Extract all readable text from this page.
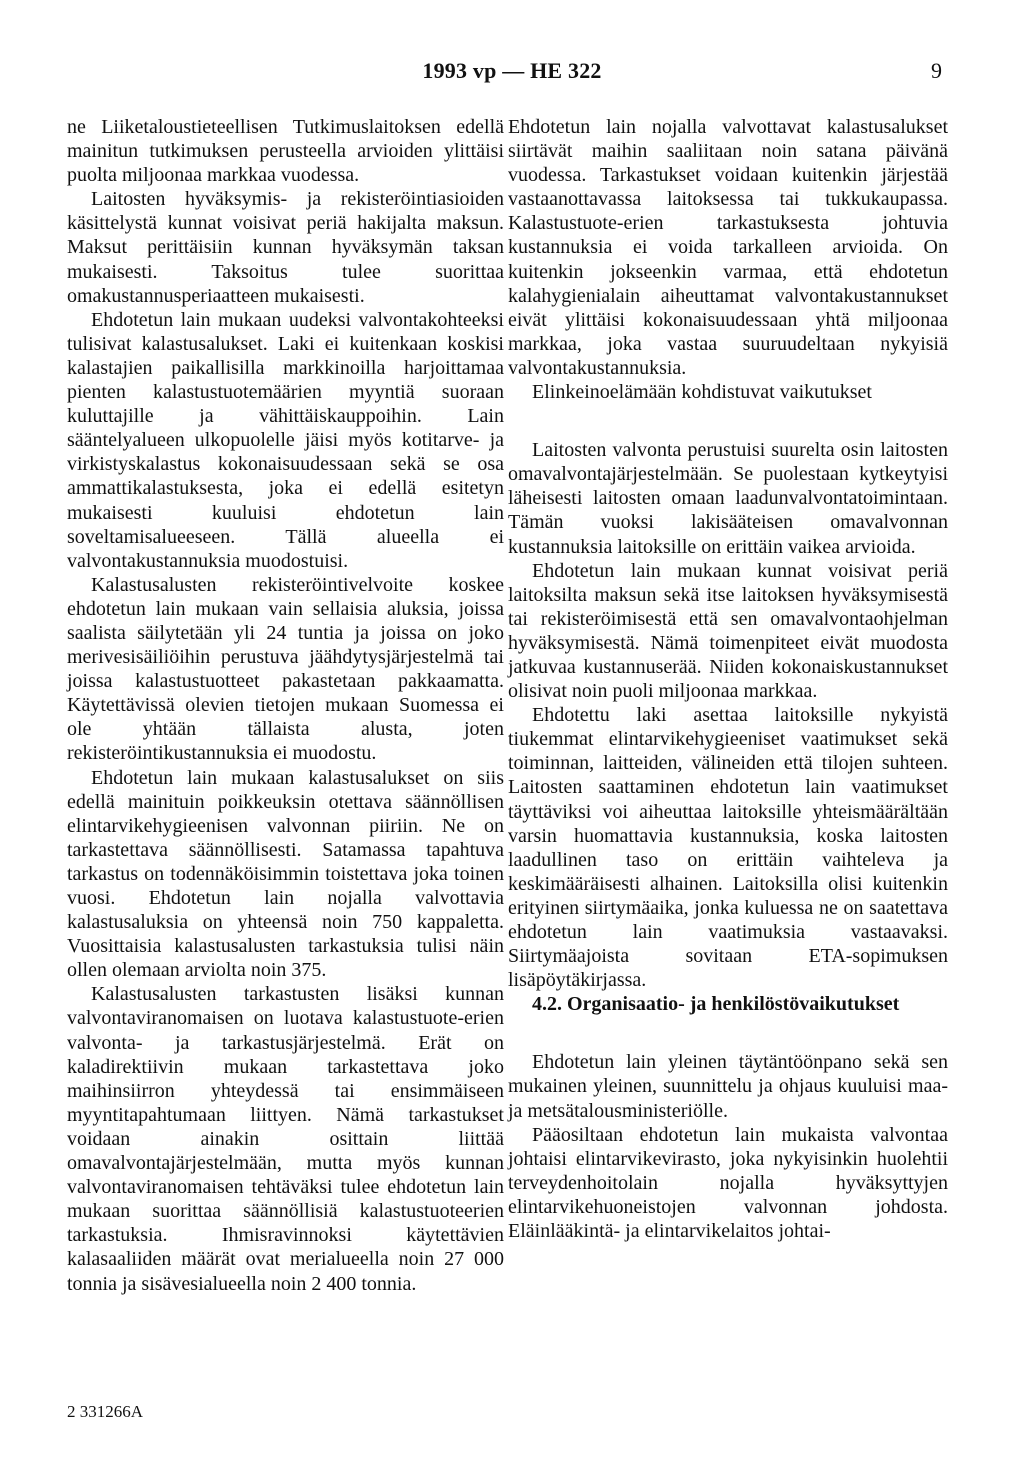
1993 vp — HE 322	9

ne Liiketaloustieteellisen Tutkimuslaitoksen edellä mainitun tutkimuksen perusteella arvioiden ylittäisi puolta miljoonaa markkaa vuodessa.

Laitosten hyväksymis- ja rekisteröintiasioiden käsittelystä kunnat voisivat periä hakijalta maksun. Maksut perittäisiin kunnan hyväksymän taksan mukaisesti. Taksoitus tulee suorittaa omakustannusperiaatteen mukaisesti.

Ehdotetun lain mukaan uudeksi valvontakohteeksi tulisivat kalastusalukset. Laki ei kuitenkaan koskisi kalastajien paikallisilla markkinoilla harjoittamaa pienten kalastustuotemäärien myyntiä suoraan kuluttajille ja vähittäiskauppoihin. Lain sääntelyalueen ulkopuolelle jäisi myös kotitarve- ja virkistyskalastus kokonaisuudessaan sekä se osa ammattikalastuksesta, joka ei edellä esitetyn mukaisesti kuuluisi ehdotetun lain soveltamisalueeseen. Tällä alueella ei valvontakustannuksia muodostuisi.

Kalastusalusten rekisteröintivelvoite koskee ehdotetun lain mukaan vain sellaisia aluksia, joissa saalista säilytetään yli 24 tuntia ja joissa on joko merivesisäiliöihin perustuva jäähdytysjärjestelmä tai joissa kalastustuotteet pakastetaan pakkaamatta. Käytettävissä olevien tietojen mukaan Suomessa ei ole yhtään tällaista alusta, joten rekisteröintikustannuksia ei muodostu.

Ehdotetun lain mukaan kalastusalukset on siis edellä mainituin poikkeuksin otettava säännöllisen elintarvikehygieenisen valvonnan piiriin. Ne on tarkastettava säännöllisesti. Satamassa tapahtuva tarkastus on todennäköisimmin toistettava joka toinen vuosi. Ehdotetun lain nojalla valvottavia kalastusaluksia on yhteensä noin 750 kappaletta. Vuosittaisia kalastusalusten tarkastuksia tulisi näin ollen olemaan arviolta noin 375.

Kalastusalusten tarkastusten lisäksi kunnan valvontaviranomaisen on luotava kalastustuote-erien valvonta- ja tarkastusjärjestelmä. Erät on kaladirektiivin mukaan tarkastettava joko maihinsiirron yhteydessä tai ensimmäiseen myyntitapahtumaan liittyen. Nämä tarkastukset voidaan ainakin osittain liittää omavalvontajärjestelmään, mutta myös kunnan valvontaviranomaisen tehtäväksi tulee ehdotetun lain mukaan suorittaa säännöllisiä kalastustuoteerien tarkastuksia. Ihmisravinnoksi käytettävien kalasaaliiden määrät ovat merialueella noin 27 000 tonnia ja sisävesialueella noin 2 400 tonnia.

Ehdotetun lain nojalla valvottavat kalastusalukset siirtävät maihin saaliitaan noin satana päivänä vuodessa. Tarkastukset voidaan kuitenkin järjestää vastaanottavassa laitoksessa tai tukkukaupassa. Kalastustuote-erien tarkastuksesta johtuvia kustannuksia ei voida tarkalleen arvioida. On kuitenkin jokseenkin varmaa, että ehdotetun kalahygienialain aiheuttamat valvontakustannukset eivät ylittäisi kokonaisuudessaan yhtä miljoonaa markkaa, joka vastaa suuruudeltaan nykyisiä valvontakustannuksia.

Elinkeinoelämään kohdistuvat vaikutukset

Laitosten valvonta perustuisi suurelta osin laitosten omavalvontajärjestelmään. Se puolestaan kytkeytyisi läheisesti laitosten omaan laadunvalvontatoimintaan. Tämän vuoksi lakisääteisen omavalvonnan kustannuksia laitoksille on erittäin vaikea arvioida.

Ehdotetun lain mukaan kunnat voisivat periä laitoksilta maksun sekä itse laitoksen hyväksymisestä tai rekisteröimisestä että sen omavalvontaohjelman hyväksymisestä. Nämä toimenpiteet eivät muodosta jatkuvaa kustannuserää. Niiden kokonaiskustannukset olisivat noin puoli miljoonaa markkaa.

Ehdotettu laki asettaa laitoksille nykyistä tiukemmat elintarvikehygieeniset vaatimukset sekä toiminnan, laitteiden, välineiden että tilojen suhteen. Laitosten saattaminen ehdotetun lain vaatimukset täyttäviksi voi aiheuttaa laitoksille yhteismäärältään varsin huomattavia kustannuksia, koska laitosten laadullinen taso on erittäin vaihteleva ja keskimääräisesti alhainen. Laitoksilla olisi kuitenkin erityinen siirtymäaika, jonka kuluessa ne on saatettava ehdotetun lain vaatimuksia vastaavaksi. Siirtymäajoista sovitaan ETA-sopimuksen lisäpöytäkirjassa.

4.2. Organisaatio- ja henkilöstövaikutukset

Ehdotetun lain yleinen täytäntöönpano sekä sen mukainen yleinen, suunnittelu ja ohjaus kuuluisi maa- ja metsätalousministeriölle.

Pääosiltaan ehdotetun lain mukaista valvontaa johtaisi elintarvikevirasto, joka nykyisinkin huolehtii terveydenhoitolain nojalla hyväksyttyjen elintarvikehuoneistojen valvonnan johdosta. Eläinlääkintä- ja elintarvikelaitos johtai-

2 331266A
